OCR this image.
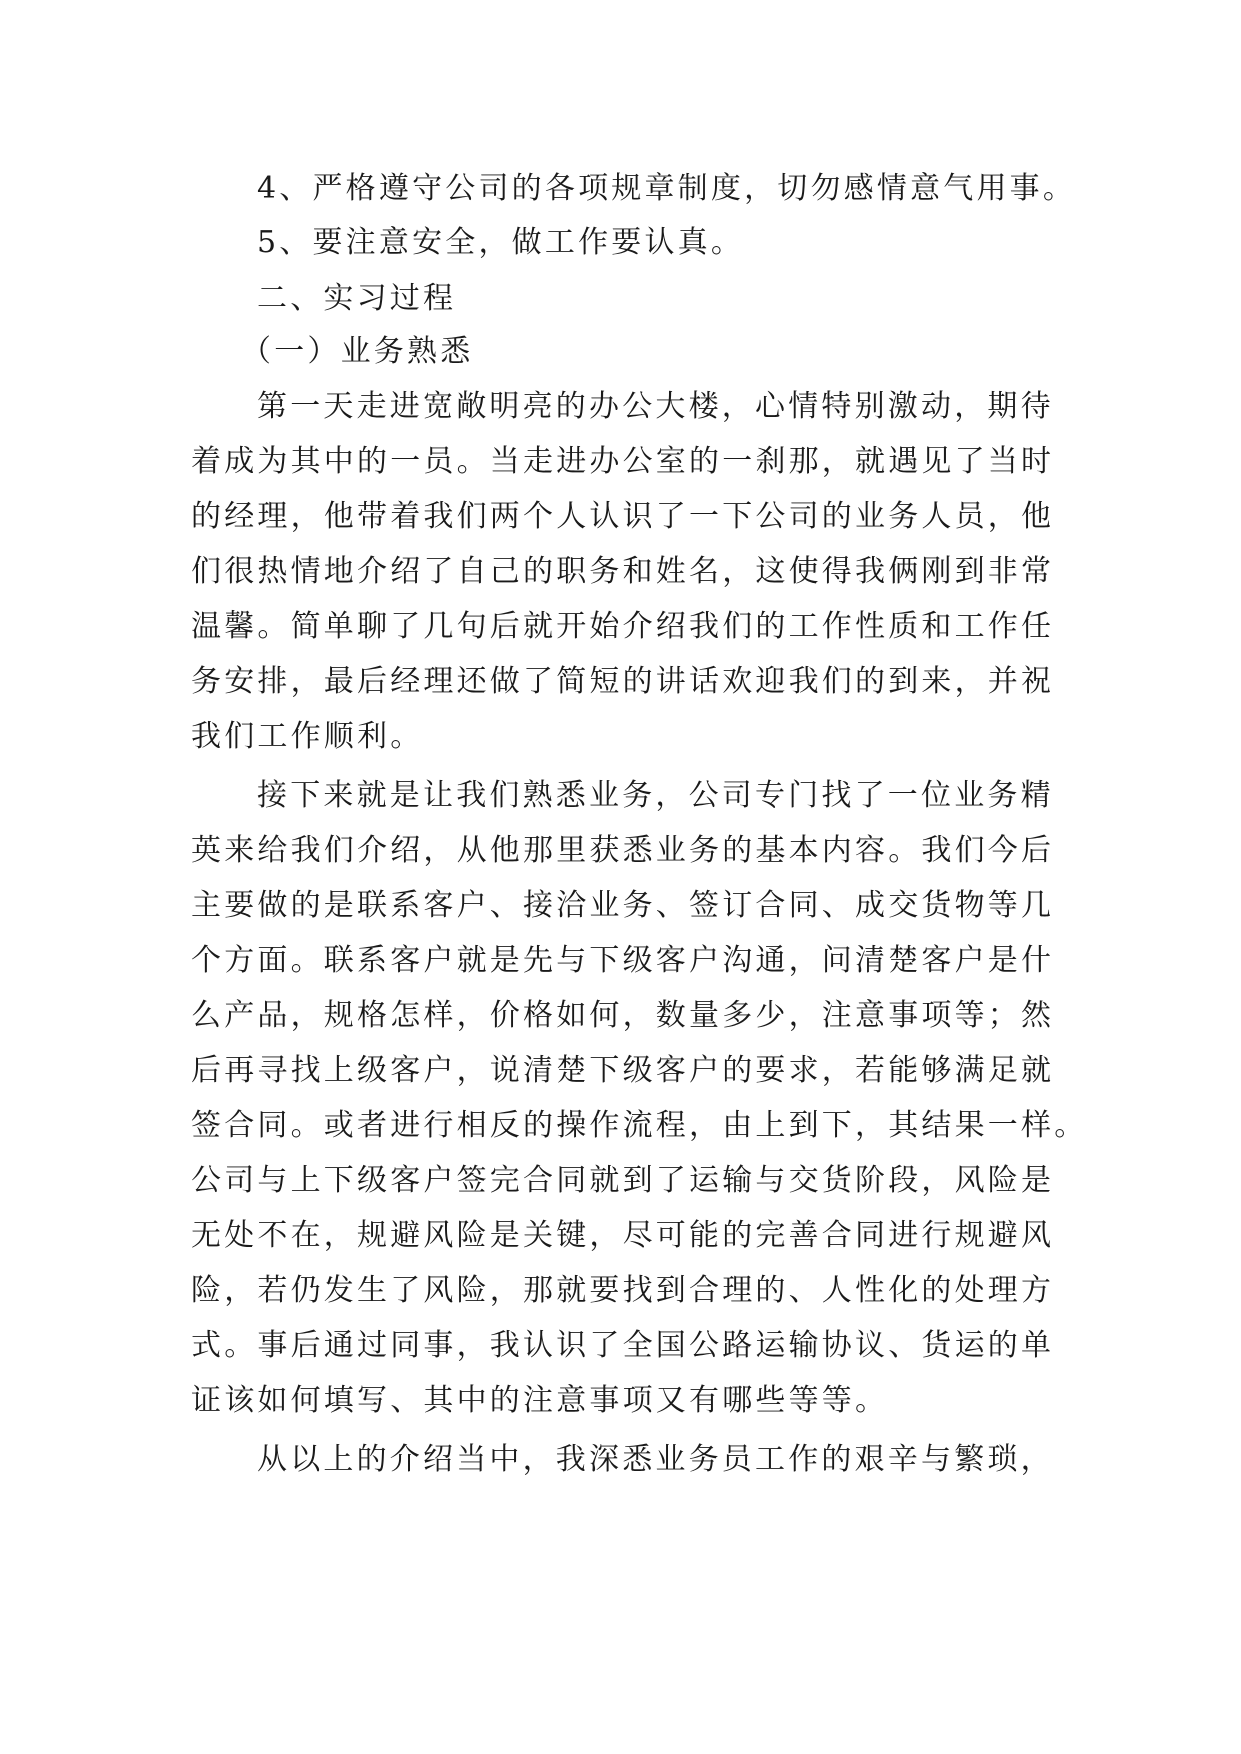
4、严格遵守公司的各项规章制度，切勿感情意气用事。
5、要注意安全，做工作要认真。
二、实习过程
（一）业务熟悉
第一天走进宽敞明亮的办公大楼，心情特别激动，期待
着成为其中的一员。当走进办公室的一刹那，就遇见了当时
的经理，他带着我们两个人认识了一下公司的业务人员，他
们很热情地介绍了自己的职务和姓名，这使得我俩刚到非常
温馨。简单聊了几句后就开始介绍我们的工作性质和工作任
务安排，最后经理还做了简短的讲话欢迎我们的到来，并祝
我们工作顺利。
接下来就是让我们熟悉业务，公司专门找了一位业务精
英来给我们介绍，从他那里获悉业务的基本内容。我们今后
主要做的是联系客户、接洽业务、签订合同、成交货物等几
个方面。联系客户就是先与下级客户沟通，问清楚客户是什
么产品，规格怎样，价格如何，数量多少，注意事项等；然
后再寻找上级客户，说清楚下级客户的要求，若能够满足就
签合同。或者进行相反的操作流程，由上到下，其结果一样。
公司与上下级客户签完合同就到了运输与交货阶段，风险是
无处不在，规避风险是关键，尽可能的完善合同进行规避风
险，若仍发生了风险，那就要找到合理的、人性化的处理方
式。事后通过同事，我认识了全国公路运输协议、货运的单
证该如何填写、其中的注意事项又有哪些等等。
从以上的介绍当中，我深悉业务员工作的艰辛与繁琐，
